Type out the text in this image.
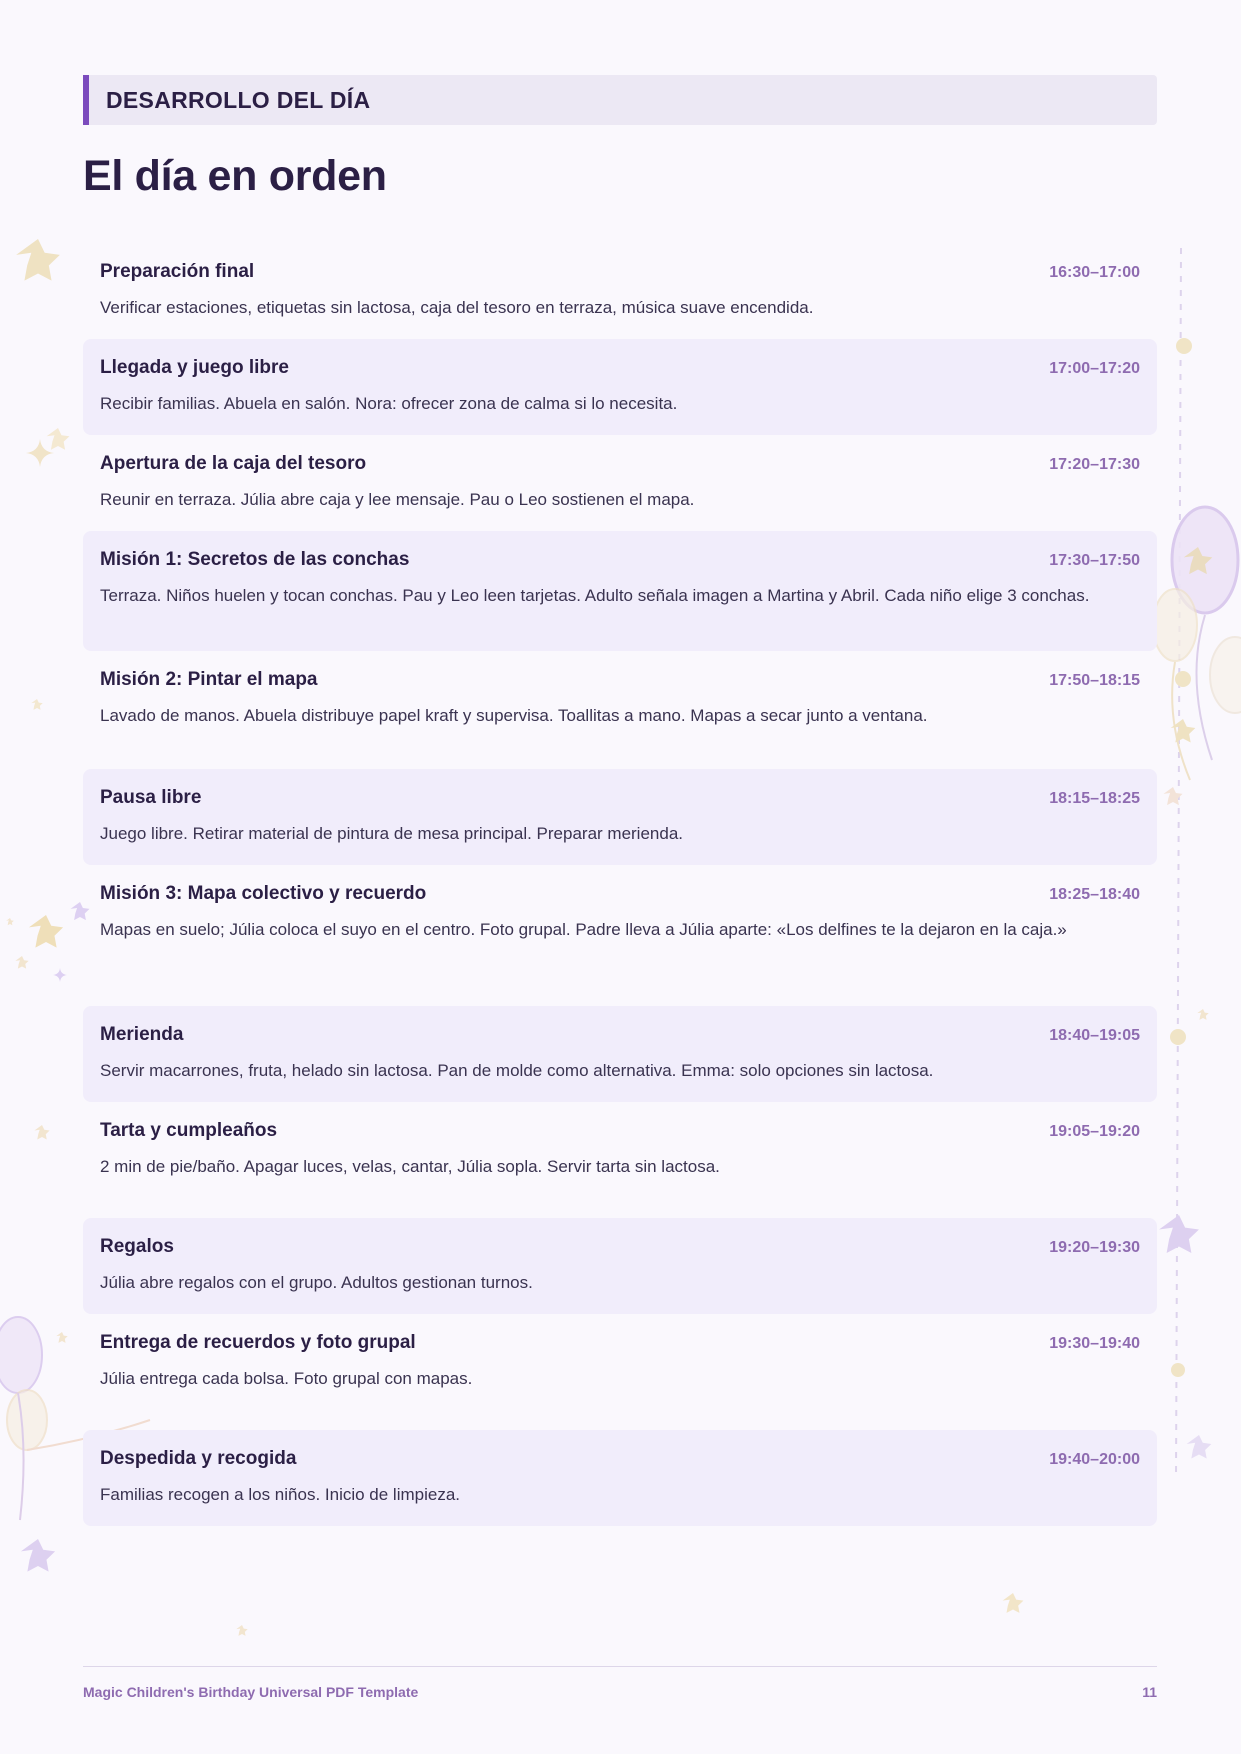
DESARROLLO DEL DÍA
El día en orden
Preparación final	16:30–17:00
Verificar estaciones, etiquetas sin lactosa, caja del tesoro en terraza, música suave encendida.
Llegada y juego libre	17:00–17:20
Recibir familias. Abuela en salón. Nora: ofrecer zona de calma si lo necesita.
Apertura de la caja del tesoro	17:20–17:30
Reunir en terraza. Júlia abre caja y lee mensaje. Pau o Leo sostienen el mapa.
Misión 1: Secretos de las conchas	17:30–17:50
Terraza. Niños huelen y tocan conchas. Pau y Leo leen tarjetas. Adulto señala imagen a Martina y Abril. Cada niño elige 3 conchas.
Misión 2: Pintar el mapa	17:50–18:15
Lavado de manos. Abuela distribuye papel kraft y supervisa. Toallitas a mano. Mapas a secar junto a ventana.
Pausa libre	18:15–18:25
Juego libre. Retirar material de pintura de mesa principal. Preparar merienda.
Misión 3: Mapa colectivo y recuerdo	18:25–18:40
Mapas en suelo; Júlia coloca el suyo en el centro. Foto grupal. Padre lleva a Júlia aparte: «Los delfines te la dejaron en la caja.»
Merienda	18:40–19:05
Servir macarrones, fruta, helado sin lactosa. Pan de molde como alternativa. Emma: solo opciones sin lactosa.
Tarta y cumpleaños	19:05–19:20
2 min de pie/baño. Apagar luces, velas, cantar, Júlia sopla. Servir tarta sin lactosa.
Regalos	19:20–19:30
Júlia abre regalos con el grupo. Adultos gestionan turnos.
Entrega de recuerdos y foto grupal	19:30–19:40
Júlia entrega cada bolsa. Foto grupal con mapas.
Despedida y recogida	19:40–20:00
Familias recogen a los niños. Inicio de limpieza.
Magic Children's Birthday Universal PDF Template	11
